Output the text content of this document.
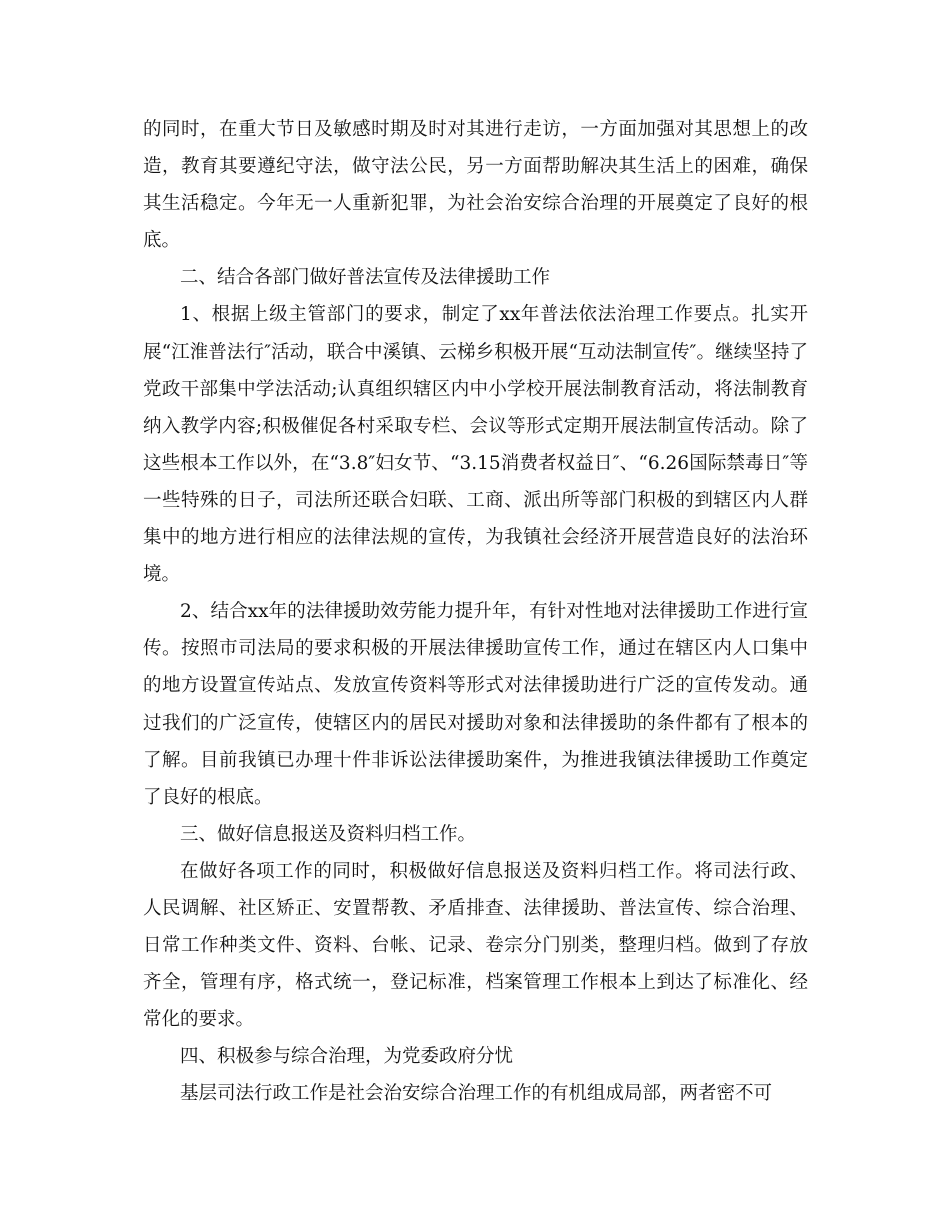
的同时，在重大节日及敏感时期及时对其进行走访，一方面加强对其思想上的改造，教育其要遵纪守法，做守法公民，另一方面帮助解决其生活上的困难，确保其生活稳定。今年无一人重新犯罪，为社会治安综合治理的开展奠定了良好的根底。

二、结合各部门做好普法宣传及法律援助工作

1、根据上级主管部门的要求，制定了xx年普法依法治理工作要点。扎实开展“江淮普法行″活动，联合中溪镇、云梯乡积极开展“互动法制宣传″。继续坚持了党政干部集中学法活动;认真组织辖区内中小学校开展法制教育活动，将法制教育纳入教学内容;积极催促各村采取专栏、会议等形式定期开展法制宣传活动。除了这些根本工作以外，在“3.8″妇女节、“3.15消费者权益日″、“6.26国际禁毒日″等一些特殊的日子，司法所还联合妇联、工商、派出所等部门积极的到辖区内人群集中的地方进行相应的法律法规的宣传，为我镇社会经济开展营造良好的法治环境。

2、结合xx年的法律援助效劳能力提升年，有针对性地对法律援助工作进行宣传。按照市司法局的要求积极的开展法律援助宣传工作，通过在辖区内人口集中的地方设置宣传站点、发放宣传资料等形式对法律援助进行广泛的宣传发动。通过我们的广泛宣传，使辖区内的居民对援助对象和法律援助的条件都有了根本的了解。目前我镇已办理十件非诉讼法律援助案件，为推进我镇法律援助工作奠定了良好的根底。

三、做好信息报送及资料归档工作。

在做好各项工作的同时，积极做好信息报送及资料归档工作。将司法行政、人民调解、社区矫正、安置帮教、矛盾排查、法律援助、普法宣传、综合治理、日常工作种类文件、资料、台帐、记录、卷宗分门别类，整理归档。做到了存放齐全，管理有序，格式统一，登记标准，档案管理工作根本上到达了标准化、经常化的要求。

四、积极参与综合治理，为党委政府分忧

基层司法行政工作是社会治安综合治理工作的有机组成局部，两者密不可
